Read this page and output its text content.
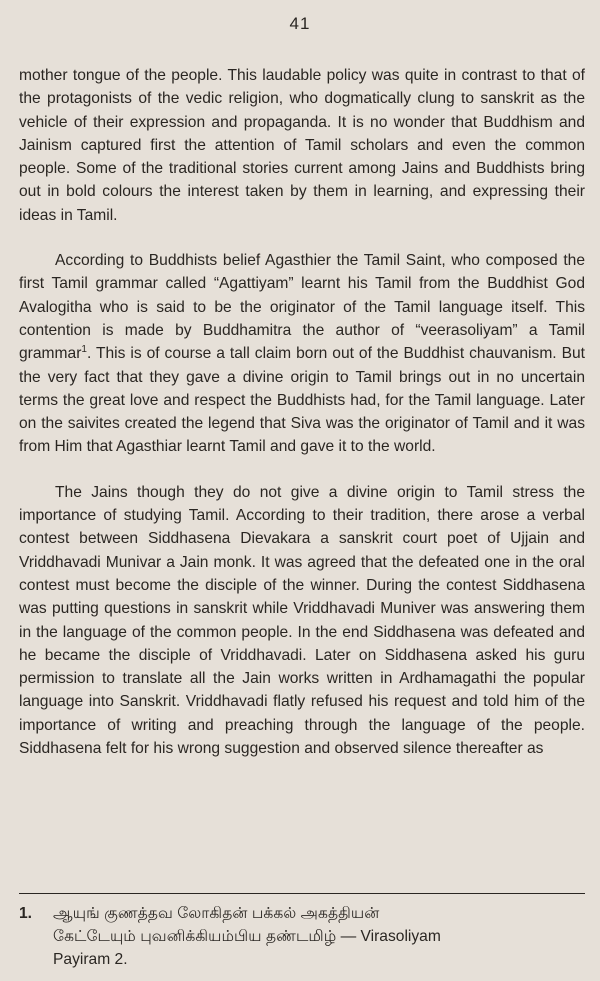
41

mother tongue of the people. This laudable policy was quite in contrast to that of the protagonists of the vedic religion, who dogmatically clung to sanskrit as the vehicle of their expression and propaganda. It is no wonder that Buddhism and Jainism captured first the attention of Tamil scholars and even the common people. Some of the traditional stories current among Jains and Buddhists bring out in bold colours the interest taken by them in learning, and expressing their ideas in Tamil.

According to Buddhists belief Agasthier the Tamil Saint, who composed the first Tamil grammar called “Agattiyam” learnt his Tamil from the Buddhist God Avalogitha who is said to be the originator of the Tamil language itself. This contention is made by Buddhamitra the author of “veerasoliyam” a Tamil grammar$^1$. This is of course a tall claim born out of the Buddhist chauvanism. But the very fact that they gave a divine origin to Tamil brings out in no uncertain terms the great love and respect the Buddhists had, for the Tamil language. Later on the saivites created the legend that Siva was the originator of Tamil and it was from Him that Agasthiar learnt Tamil and gave it to the world.

The Jains though they do not give a divine origin to Tamil stress the importance of studying Tamil. According to their tradition, there arose a verbal contest between Siddhasena Dievakara a sanskrit court poet of Ujjain and Vriddhavadi Munivar a Jain monk. It was agreed that the defeated one in the oral contest must become the disciple of the winner. During the contest Siddhasena was putting questions in sanskrit while Vriddhavadi Muniver was answering them in the language of the common people. In the end Siddhasena was defeated and he became the disciple of Vriddhavadi. Later on Siddhasena asked his guru permission to translate all the Jain works written in Ardhamagathi the popular language into Sanskrit. Vriddhavadi flatly refused his request and told him of the importance of writing and preaching through the language of the people. Siddhasena felt for his wrong suggestion and observed silence thereafter as

1. ஆயுங் குணத்தவ லோகிதன் பக்கல் அகத்தியன்
கேட்டேயும் புவனிக்கியம்பிய தண்டமிழ் — Virasoliyam
Payiram 2.
